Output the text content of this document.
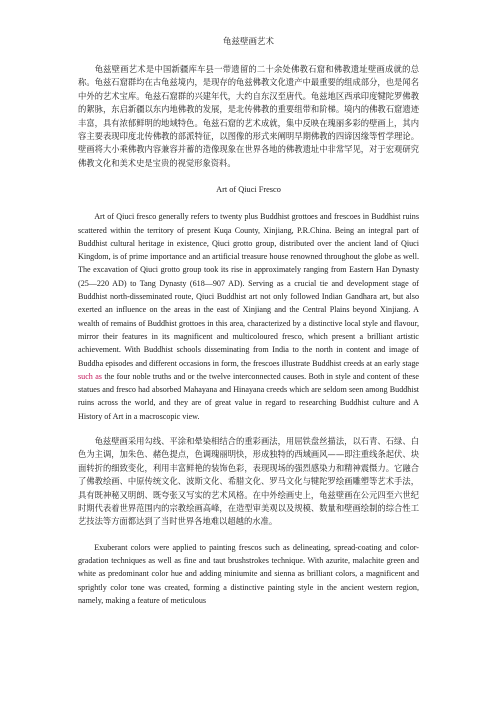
龟兹壁画艺术

龟兹壁画艺术是中国新疆库车县一带遗留的二十余处佛教石窟和佛教遗址壁画成就的总称。龟兹石窟群均在古龟兹境内，是现存的龟兹佛教文化遗产中最重要的组成部分，也是闻名中外的艺术宝库。龟兹石窟群的兴建年代，大约自东汉至唐代。龟兹地区西承印度犍陀罗佛教的絮脉，东启新疆以东内地佛教的发展，是北传佛教的重要组带和阶梯。境内的佛教石窟遗迹丰富，具有浓郁鲜明的地域特色。龟兹石窟的艺术成就，集中反映在瑰丽多彩的壁画上，其内容主要表现印度北传佛教的部派特征，以图像的形式来阐明早期佛教的四谛因缘等哲学理论。壁画将大小乘佛教内容兼容并蓄的造像现象在世界各地的佛教遗址中非常罕见，对于宏观研究佛教文化和美术史是宝贵的视觉形象资料。

Art of Qiuci Fresco

Art of Qiuci fresco generally refers to twenty plus Buddhist grottoes and frescoes in Buddhist ruins scattered within the territory of present Kuqa County, Xinjiang, P.R.China. Being an integral part of Buddhist cultural heritage in existence, Qiuci grotto group, distributed over the ancient land of Qiuci Kingdom, is of prime importance and an artificial treasure house renowned throughout the globe as well. The excavation of Qiuci grotto group took its rise in approximately ranging from Eastern Han Dynasty (25—220 AD) to Tang Dynasty (618—907 AD). Serving as a crucial tie and development stage of Buddhist north-disseminated route, Qiuci Buddhist art not only followed Indian Gandhara art, but also exerted an influence on the areas in the east of Xinjiang and the Central Plains beyond Xinjiang. A wealth of remains of Buddhist grottoes in this area, characterized by a distinctive local style and flavour, mirror their features in its magnificent and multicoloured fresco, which present a brilliant artistic achievement. With Buddhist schools disseminating from India to the north in content and image of Buddha episodes and different occasions in form, the frescoes illustrate Buddhist creeds at an early stage such as the four noble truths and or the twelve interconnected causes. Both in style and content of these statues and fresco had absorbed Mahayana and Hinayana creeds which are seldom seen among Buddhist ruins across the world, and they are of great value in regard to researching Buddhist culture and A History of Art in a macroscopic view.

龟兹壁画采用勾线、平涂和晕染相结合的重彩画法，用屈铁盘丝描法，以石青、石绿、白色为主调，加朱色、赭色提点，色调瑰丽明快，形成独特的西域画风——即注重线条起伏、块面转折的细致变化，利用丰富鲜艳的装饰色彩，表现现场的强烈感染力和精神震慑力。它融合了佛教绘画、中原传统文化、波斯文化、希腊文化、罗马文化与犍陀罗绘画雕塑等艺术手法，具有既神秘又明朗、既夸张又写实的艺术风格。在中外绘画史上，龟兹壁画在公元四至六世纪时期代表着世界范围内的宗教绘画高峰，在造型审美观以及规模、数量和壁画绘制的综合性工艺技法等方面都达到了当时世界各地难以超越的水准。

Exuberant colors were applied to painting frescos such as delineating, spread-coating and color-gradation techniques as well as fine and taut brushstrokes technique. With azurite, malachite green and white as predominant color hue and adding miniumite and sienna as brilliant colors, a magnificent and sprightly color tone was created, forming a distinctive painting style in the ancient western region, namely, making a feature of meticulous
